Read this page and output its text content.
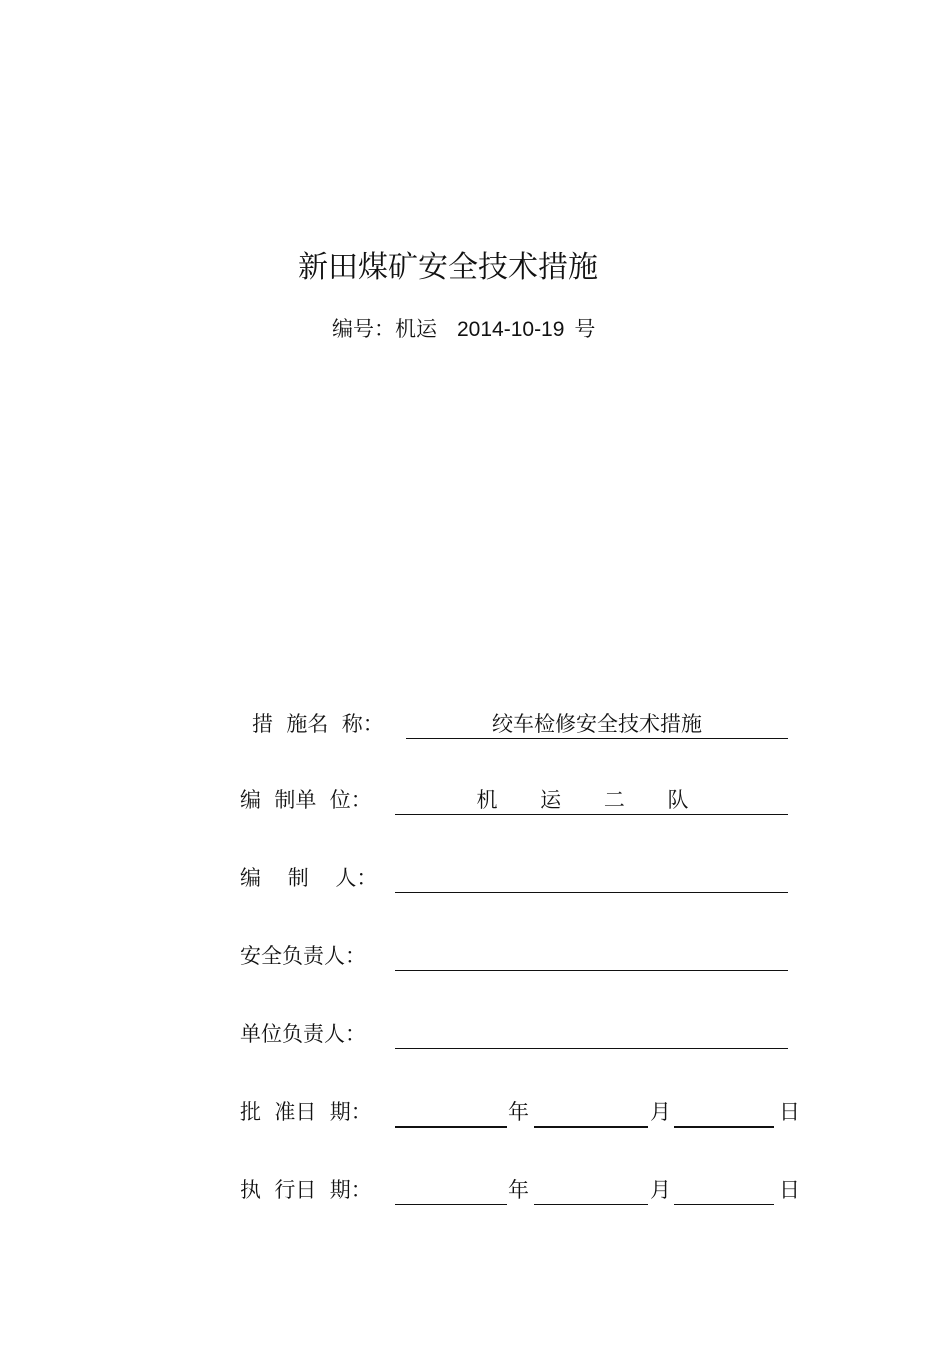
新田煤矿安全技术措施
编号：机运 2014-10-19 号
措  施名  称：	绞车检修安全技术措施
编  制单  位：	机 运 二 队
编    制    人：
安全负责人：
单位负责人：
批  准日  期：	年	月	日
执  行日  期：	年	月	日
